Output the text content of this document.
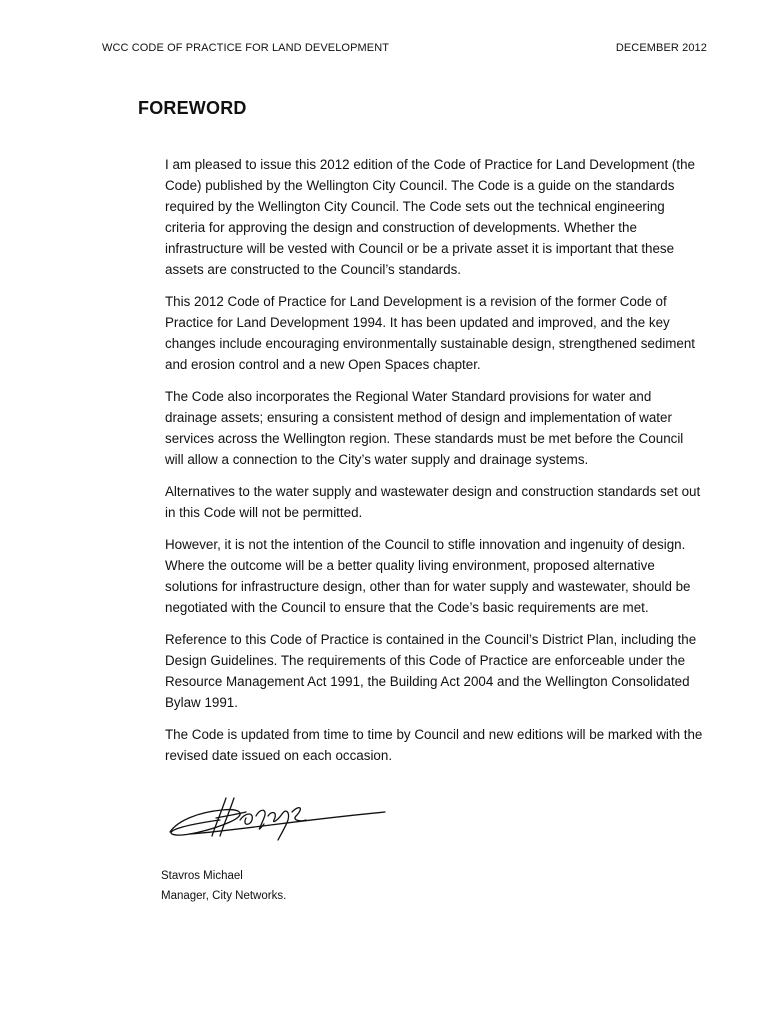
WCC CODE OF PRACTICE FOR LAND DEVELOPMENT	DECEMBER 2012
FOREWORD

I am pleased to issue this 2012 edition of the Code of Practice for Land Development (the Code) published by the Wellington City Council. The Code is a guide on the standards required by the Wellington City Council. The Code sets out the technical engineering criteria for approving the design and construction of developments. Whether the infrastructure will be vested with Council or be a private asset it is important that these assets are constructed to the Council’s standards.

This 2012 Code of Practice for Land Development is a revision of the former Code of Practice for Land Development 1994. It has been updated and improved, and the key changes include encouraging environmentally sustainable design, strengthened sediment and erosion control and a new Open Spaces chapter.

The Code also incorporates the Regional Water Standard provisions for water and drainage assets; ensuring a consistent method of design and implementation of water services across the Wellington region. These standards must be met before the Council will allow a connection to the City’s water supply and drainage systems.

Alternatives to the water supply and wastewater design and construction standards set out in this Code will not be permitted.

However, it is not the intention of the Council to stifle innovation and ingenuity of design. Where the outcome will be a better quality living environment, proposed alternative solutions for infrastructure design, other than for water supply and wastewater, should be negotiated with the Council to ensure that the Code’s basic requirements are met.

Reference to this Code of Practice is contained in the Council’s District Plan, including the Design Guidelines. The requirements of this Code of Practice are enforceable under the Resource Management Act 1991, the Building Act 2004 and the Wellington Consolidated Bylaw 1991.

The Code is updated from time to time by Council and new editions will be marked with the revised date issued on each occasion.

Stavros Michael
Manager, City Networks.
